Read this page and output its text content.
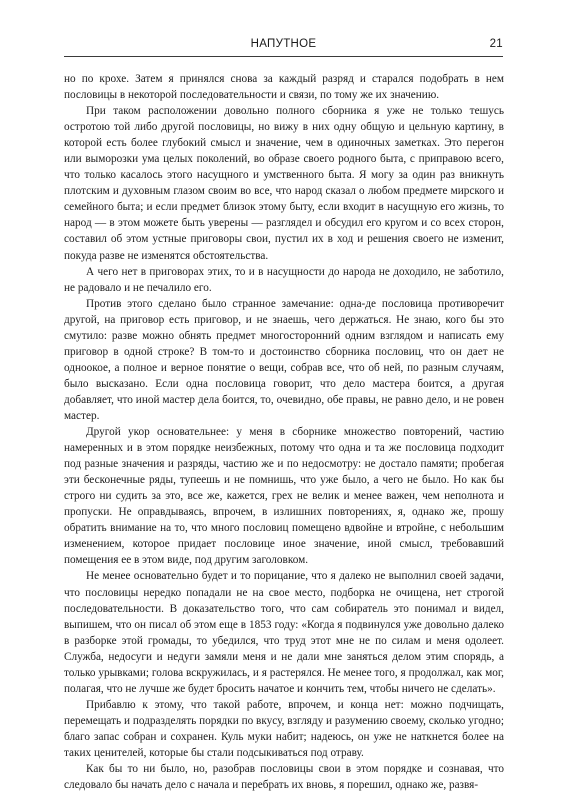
НАПУТНОЕ	21

но по крохе. Затем я принялся снова за каждый разряд и старался подобрать в нем пословицы в некоторой последовательности и связи, по тому же их значению.

При таком расположении довольно полного сборника я уже не только тешусь остротою той либо другой пословицы, но вижу в них одну общую и цельную картину, в которой есть более глубокий смысл и значение, чем в одиночных заметках. Это перегон или выморозки ума целых поколений, во образе своего родного быта, с приправою всего, что только касалось этого насущного и умственного быта. Я могу за один раз вникнуть плотским и духовным глазом своим во все, что народ сказал о любом предмете мирского и семейного быта; и если предмет близок этому быту, если входит в насущную его жизнь, то народ — в этом можете быть уверены — разглядел и обсудил его кругом и со всех сторон, составил об этом устные приговоры свои, пустил их в ход и решения своего не изменит, покуда разве не изменятся обстоятельства.

А чего нет в приговорах этих, то и в насущности до народа не доходило, не заботило, не радовало и не печалило его.

Против этого сделано было странное замечание: одна-де пословица противоречит другой, на приговор есть приговор, и не знаешь, чего держаться. Не знаю, кого бы это смутило: разве можно обнять предмет многосторонний одним взглядом и написать ему приговор в одной строке? В том-то и достоинство сборника пословиц, что он дает не одноокое, а полное и верное понятие о вещи, собрав все, что об ней, по разным случаям, было высказано. Если одна пословица говорит, что дело мастера боится, а другая добавляет, что иной мастер дела боится, то, очевидно, обе правы, не равно дело, и не ровен мастер.

Другой укор основательнее: у меня в сборнике множество повторений, частию намеренных и в этом порядке неизбежных, потому что одна и та же пословица подходит под разные значения и разряды, частию же и по недосмотру: не достало памяти; пробегая эти бесконечные ряды, тупеешь и не помнишь, что уже было, а чего не было. Но как бы строго ни судить за это, все же, кажется, грех не велик и менее важен, чем неполнота и пропуски. Не оправдываясь, впрочем, в излишних повторениях, я, однако же, прошу обратить внимание на то, что много пословиц помещено вдвойне и втройне, с небольшим изменением, которое придает пословице иное значение, иной смысл, требовавший помещения ее в этом виде, под другим заголовком.

Не менее основательно будет и то порицание, что я далеко не выполнил своей задачи, что пословицы нередко попадали не на свое место, подборка не очищена, нет строгой последовательности. В доказательство того, что сам собиратель это понимал и видел, выпишем, что он писал об этом еще в 1853 году: «Когда я подвинулся уже довольно далеко в разборке этой громады, то убедился, что труд этот мне не по силам и меня одолеет. Служба, недосуги и недуги замяли меня и не дали мне заняться делом этим спорядь, а только урывками; голова вскружилась, и я растерялся. Не менее того, я продолжал, как мог, полагая, что не лучше же будет бросить начатое и кончить тем, чтобы ничего не сделать».

Прибавлю к этому, что такой работе, впрочем, и конца нет: можно подчищать, перемещать и подразделять порядки по вкусу, взгляду и разумению своему, сколько угодно; благо запас собран и сохранен. Куль муки набит; надеюсь, он уже не наткнется более на таких ценителей, которые бы стали подсыкиваться под отраву.

Как бы то ни было, но, разобрав пословицы свои в этом порядке и сознавая, что следовало бы начать дело с начала и перебрать их вновь, я порешил, однако же, развя-
